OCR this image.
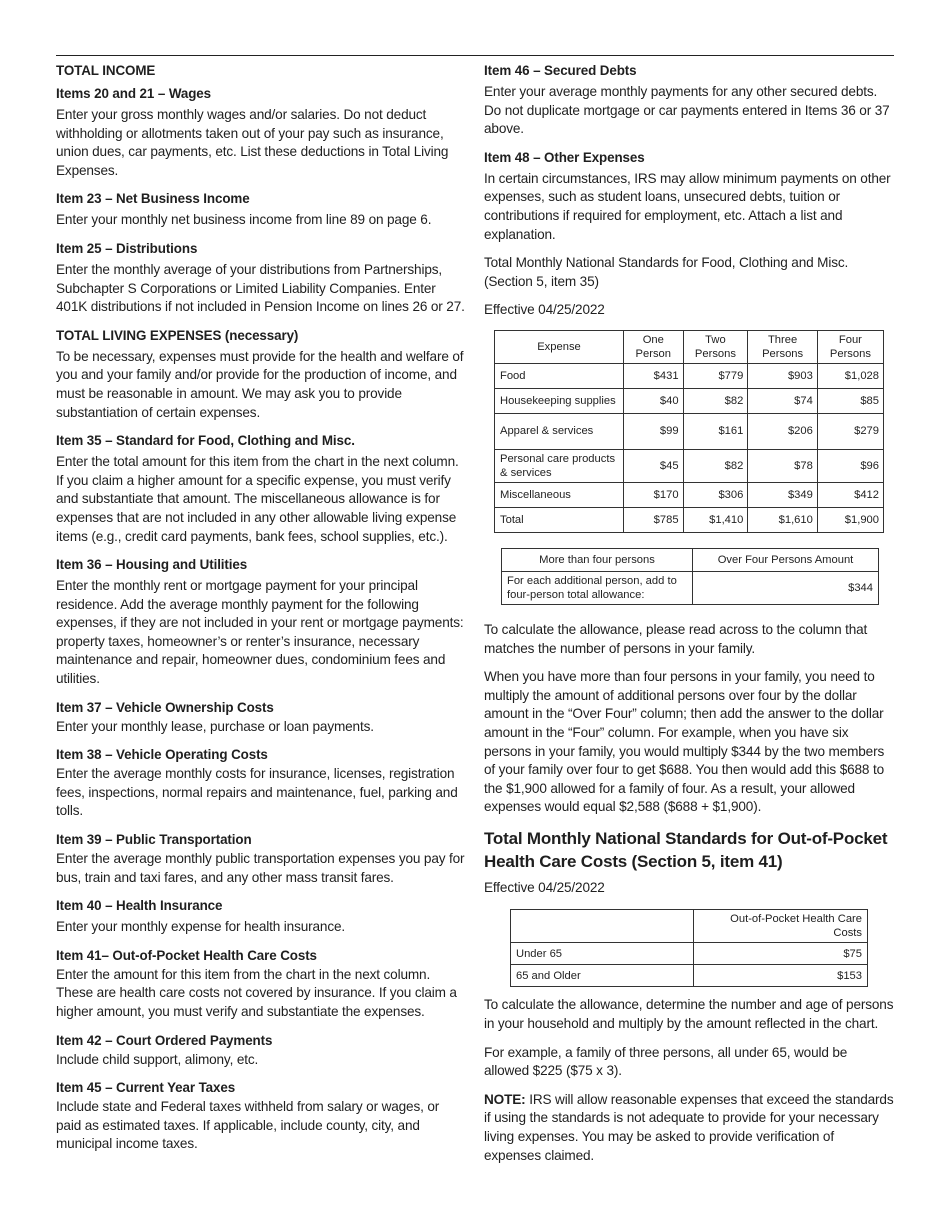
TOTAL INCOME
Items 20 and 21 – Wages

Enter your gross monthly wages and/or salaries. Do not deduct withholding or allotments taken out of your pay such as insurance, union dues, car payments, etc. List these deductions in Total Living Expenses.

Item 23 – Net Business Income

Enter your monthly net business income from line 89 on page 6.

Item 25 – Distributions

Enter the monthly average of your distributions from Partnerships, Subchapter S Corporations or Limited Liability Companies. Enter 401K distributions if not included in Pension Income on lines 26 or 27.

TOTAL LIVING EXPENSES (necessary)

To be necessary, expenses must provide for the health and welfare of you and your family and/or provide for the production of income, and must be reasonable in amount. We may ask you to provide substantiation of certain expenses.

Item 35 – Standard for Food, Clothing and Misc.

Enter the total amount for this item from the chart in the next column. If you claim a higher amount for a specific expense, you must verify and substantiate that amount. The miscellaneous allowance is for expenses that are not included in any other allowable living expense items (e.g., credit card payments, bank fees, school supplies, etc.).

Item 36 – Housing and Utilities

Enter the monthly rent or mortgage payment for your principal residence. Add the average monthly payment for the following expenses, if they are not included in your rent or mortgage payments: property taxes, homeowner’s or renter’s insurance, necessary maintenance and repair, homeowner dues, condominium fees and utilities.

Item 37 – Vehicle Ownership Costs

Enter your monthly lease, purchase or loan payments.

Item 38 – Vehicle Operating Costs

Enter the average monthly costs for insurance, licenses, registration fees, inspections, normal repairs and maintenance, fuel, parking and tolls.

Item 39 – Public Transportation

Enter the average monthly public transportation expenses you pay for bus, train and taxi fares, and any other mass transit fares.

Item 40 – Health Insurance

Enter your monthly expense for health insurance.

Item 41– Out-of-Pocket Health Care Costs

Enter the amount for this item from the chart in the next column. These are health care costs not covered by insurance. If you claim a higher amount, you must verify and substantiate the expenses.

Item 42 – Court Ordered Payments

Include child support, alimony, etc.

Item 45 – Current Year Taxes

Include state and Federal taxes withheld from salary or wages, or paid as estimated taxes. If applicable, include county, city, and municipal income taxes.

Item 46 – Secured Debts

Enter your average monthly payments for any other secured debts. Do not duplicate mortgage or car payments entered in Items 36 or 37 above.

Item 48 – Other Expenses

In certain circumstances, IRS may allow minimum payments on other expenses, such as student loans, unsecured debts, tuition or contributions if required for employment, etc. Attach a list and explanation.

Total Monthly National Standards for Food, Clothing and Misc. (Section 5, item 35)

Effective 04/25/2022

Expense	One Person	Two Persons	Three Persons	Four Persons
Food	$431	$779	$903	$1,028
Housekeeping supplies	$40	$82	$74	$85
Apparel & services	$99	$161	$206	$279
Personal care products & services	$45	$82	$78	$96
Miscellaneous	$170	$306	$349	$412
Total	$785	$1,410	$1,610	$1,900
More than four persons	Over Four Persons Amount
For each additional person, add to four-person total allowance:	$344

To calculate the allowance, please read across to the column that matches the number of persons in your family.

When you have more than four persons in your family, you need to multiply the amount of additional persons over four by the dollar amount in the “Over Four” column; then add the answer to the dollar amount in the “Four” column. For example, when you have six persons in your family, you would multiply $344 by the two members of your family over four to get $688. You then would add this $688 to the $1,900 allowed for a family of four. As a result, your allowed expenses would equal $2,588 ($688 + $1,900).

Total Monthly National Standards for Out-of-Pocket Health Care Costs (Section 5, item 41)

Effective 04/25/2022

	Out-of-Pocket Health Care Costs
Under 65	$75
65 and Older	$153

To calculate the allowance, determine the number and age of persons in your household and multiply by the amount reflected in the chart.

For example, a family of three persons, all under 65, would be allowed $225 ($75 x 3).

NOTE: IRS will allow reasonable expenses that exceed the standards if using the standards is not adequate to provide for your necessary living expenses. You may be asked to provide verification of expenses claimed.
